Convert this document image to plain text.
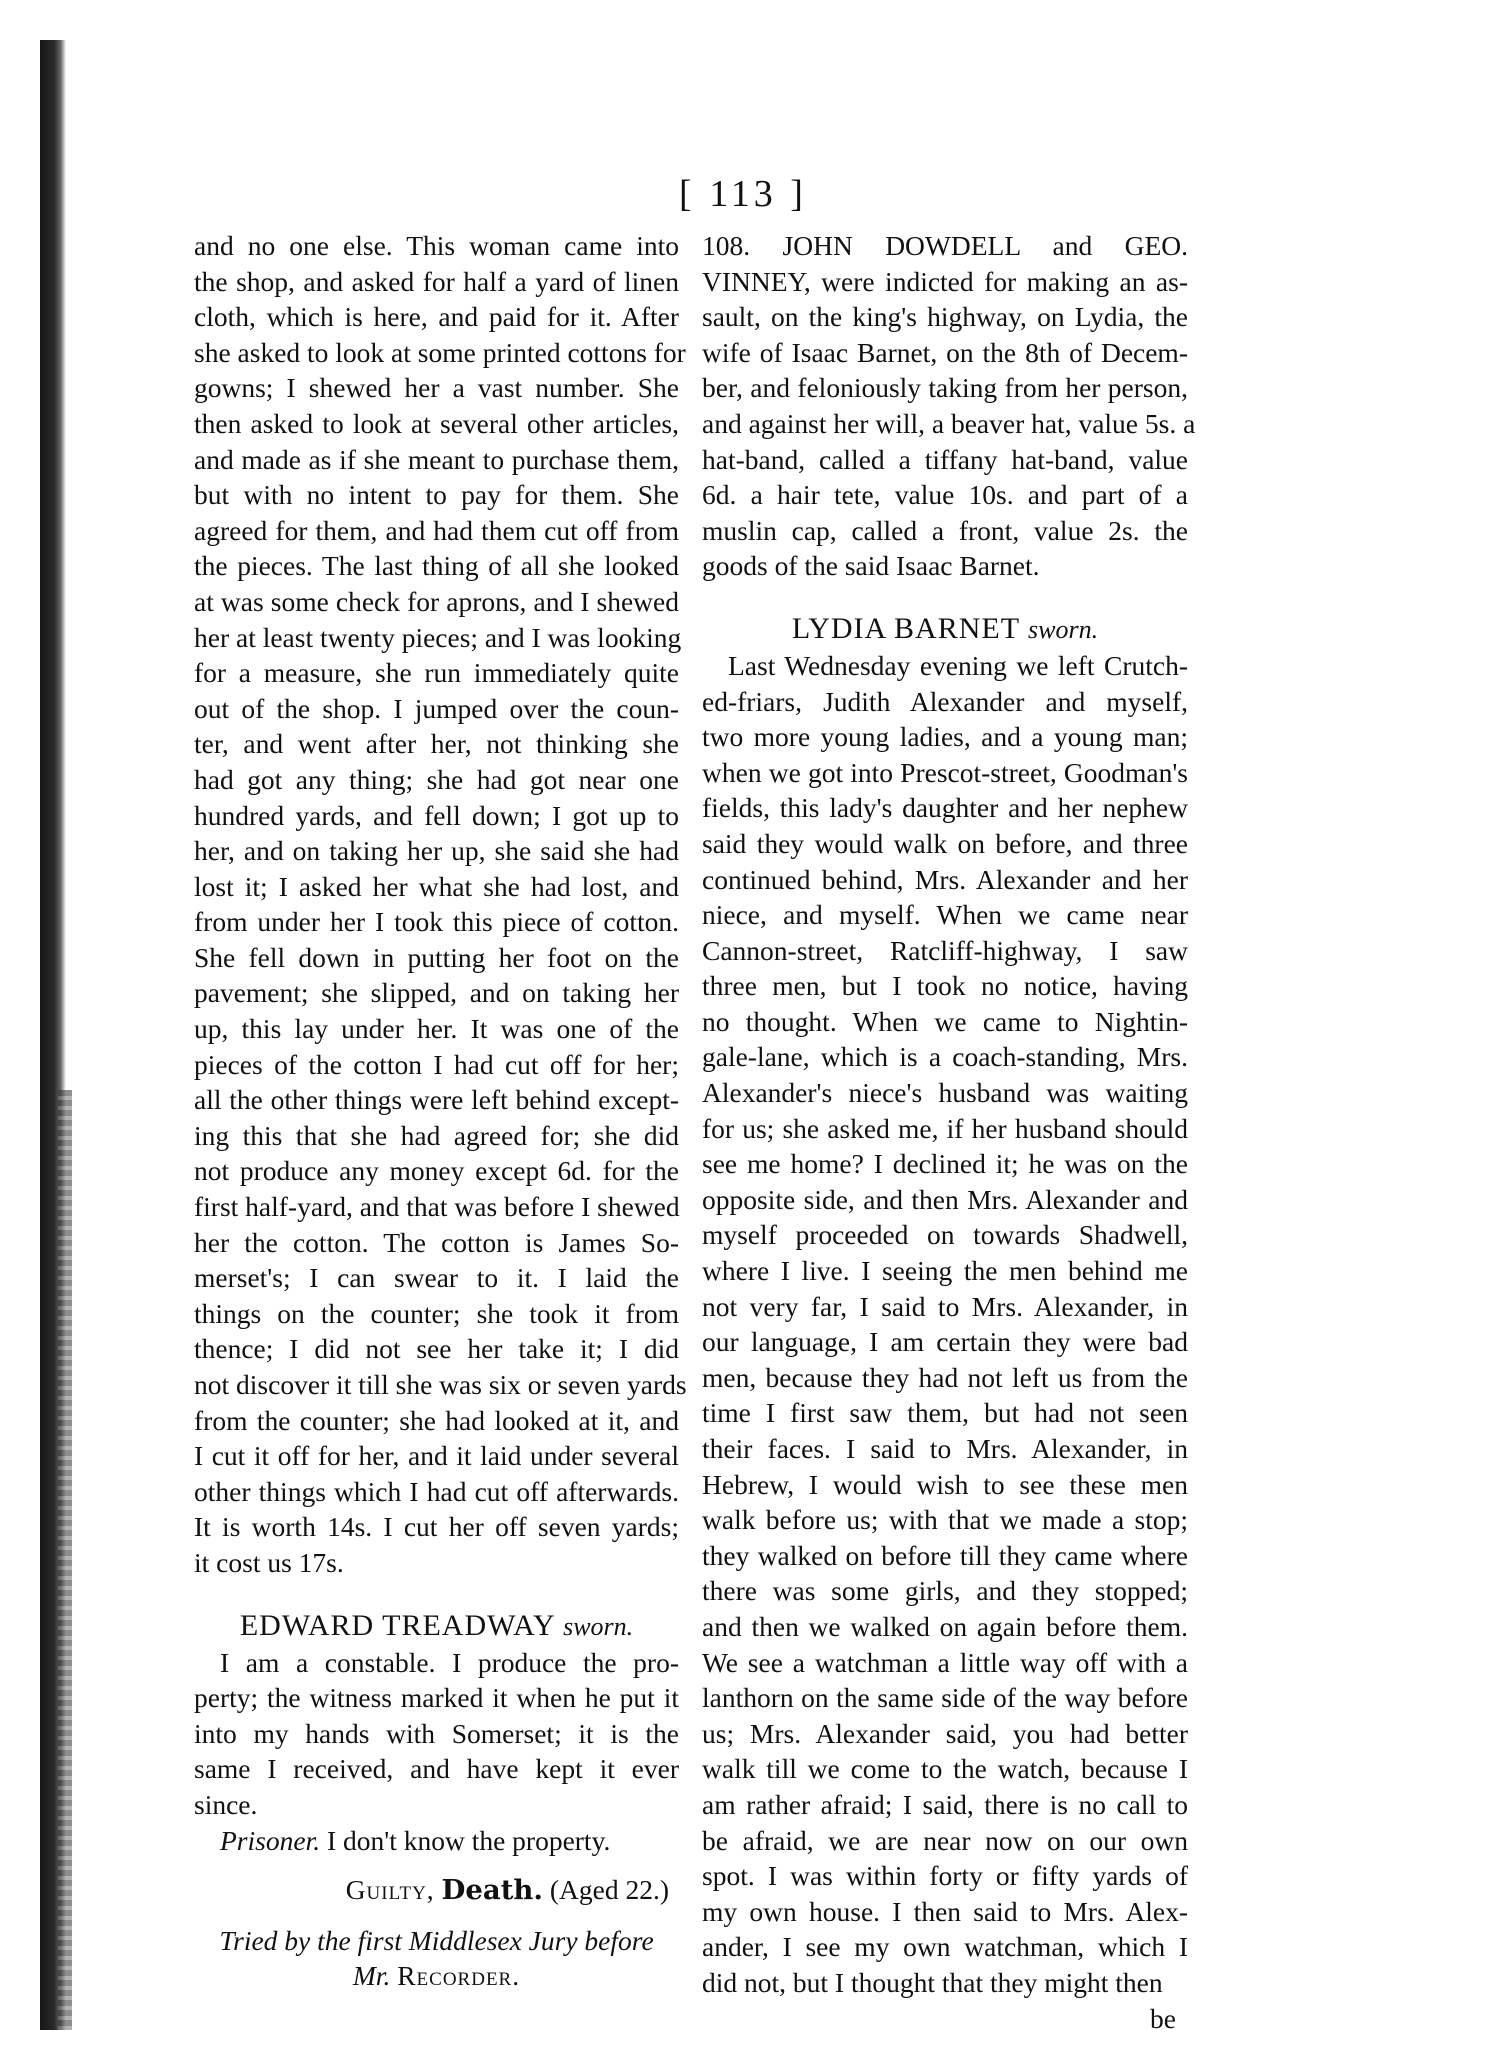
[ 113 ]
and no one else. This woman came into
the shop, and asked for half a yard of linen
cloth, which is here, and paid for it. After
she asked to look at some printed cottons for
gowns; I shewed her a vast number. She
then asked to look at several other articles,
and made as if she meant to purchase them,
but with no intent to pay for them. She
agreed for them, and had them cut off from
the pieces. The last thing of all she looked
at was some check for aprons, and I shewed
her at least twenty pieces; and I was looking
for a measure, she run immediately quite
out of the shop. I jumped over the coun-
ter, and went after her, not thinking she
had got any thing; she had got near one
hundred yards, and fell down; I got up to
her, and on taking her up, she said she had
lost it; I asked her what she had lost, and
from under her I took this piece of cotton.
She fell down in putting her foot on the
pavement; she slipped, and on taking her
up, this lay under her. It was one of the
pieces of the cotton I had cut off for her;
all the other things were left behind except-
ing this that she had agreed for; she did
not produce any money except 6d. for the
first half-yard, and that was before I shewed
her the cotton. The cotton is James So-
merset's; I can swear to it. I laid the
things on the counter; she took it from
thence; I did not see her take it; I did
not discover it till she was six or seven yards
from the counter; she had looked at it, and
I cut it off for her, and it laid under several
other things which I had cut off afterwards.
It is worth 14s. I cut her off seven yards;
it cost us 17s.
EDWARD TREADWAY sworn.
I am a constable. I produce the pro-
perty; the witness marked it when he put it
into my hands with Somerset; it is the
same I received, and have kept it ever
since.
Prisoner. I don't know the property.
Guilty, Death. (Aged 22.)
Tried by the first Middlesex Jury before
Mr. Recorder.
108. JOHN DOWDELL and GEO.
VINNEY, were indicted for making an as-
sault, on the king's highway, on Lydia, the
wife of Isaac Barnet, on the 8th of Decem-
ber, and feloniously taking from her person,
and against her will, a beaver hat, value 5s. a
hat-band, called a tiffany hat-band, value
6d. a hair tete, value 10s. and part of a
muslin cap, called a front, value 2s. the
goods of the said Isaac Barnet.
LYDIA BARNET sworn.
Last Wednesday evening we left Crutch-
ed-friars, Judith Alexander and myself,
two more young ladies, and a young man;
when we got into Prescot-street, Goodman's
fields, this lady's daughter and her nephew
said they would walk on before, and three
continued behind, Mrs. Alexander and her
niece, and myself. When we came near
Cannon-street, Ratcliff-highway, I saw
three men, but I took no notice, having
no thought. When we came to Nightin-
gale-lane, which is a coach-standing, Mrs.
Alexander's niece's husband was waiting
for us; she asked me, if her husband should
see me home? I declined it; he was on the
opposite side, and then Mrs. Alexander and
myself proceeded on towards Shadwell,
where I live. I seeing the men behind me
not very far, I said to Mrs. Alexander, in
our language, I am certain they were bad
men, because they had not left us from the
time I first saw them, but had not seen
their faces. I said to Mrs. Alexander, in
Hebrew, I would wish to see these men
walk before us; with that we made a stop;
they walked on before till they came where
there was some girls, and they stopped;
and then we walked on again before them.
We see a watchman a little way off with a
lanthorn on the same side of the way before
us; Mrs. Alexander said, you had better
walk till we come to the watch, because I
am rather afraid; I said, there is no call to
be afraid, we are near now on our own
spot. I was within forty or fifty yards of
my own house. I then said to Mrs. Alex-
ander, I see my own watchman, which I
did not, but I thought that they might then
be
